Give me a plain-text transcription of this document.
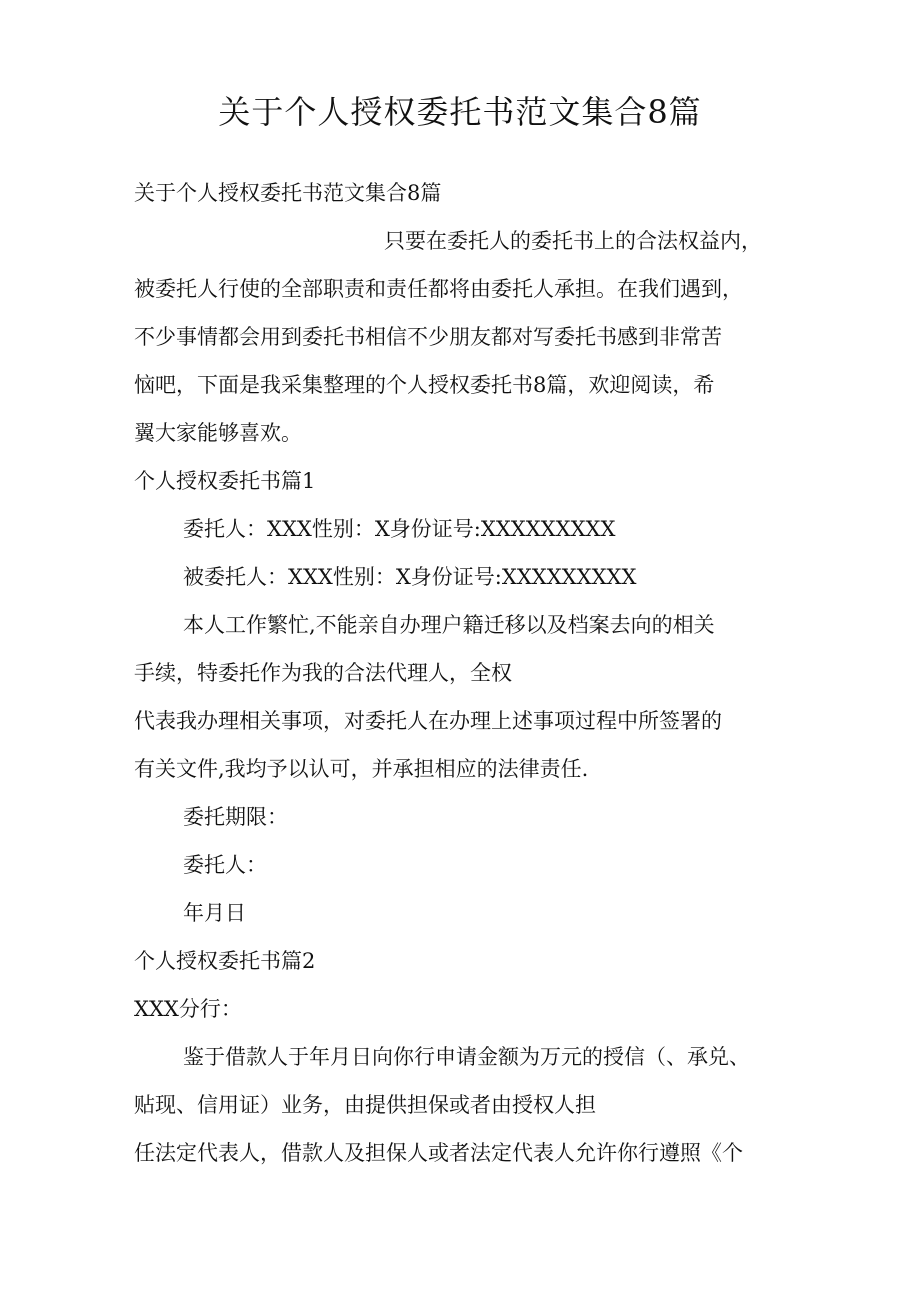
关于个人授权委托书范文集合8篇
关于个人授权委托书范文集合8篇
只要在委托人的委托书上的合法权益内，
被委托人行使的全部职责和责任都将由委托人承担。在我们遇到，
不少事情都会用到委托书相信不少朋友都对写委托书感到非常苦
恼吧，下面是我采集整理的个人授权委托书8篇，欢迎阅读，希
翼大家能够喜欢。
个人授权委托书篇1
委托人：XXX性别：X身份证号:XXXXXXXXX
被委托人：XXX性别：X身份证号:XXXXXXXXX
本人工作繁忙,不能亲自办理户籍迁移以及档案去向的相关
手续，特委托作为我的合法代理人，全权
代表我办理相关事项，对委托人在办理上述事项过程中所签署的
有关文件,我均予以认可，并承担相应的法律责任.
委托期限：
委托人：
年月日
个人授权委托书篇2
XXX分行：
鉴于借款人于年月日向你行申请金额为万元的授信（、承兑、
贴现、信用证）业务，由提供担保或者由授权人担
任法定代表人，借款人及担保人或者法定代表人允许你行遵照《个
